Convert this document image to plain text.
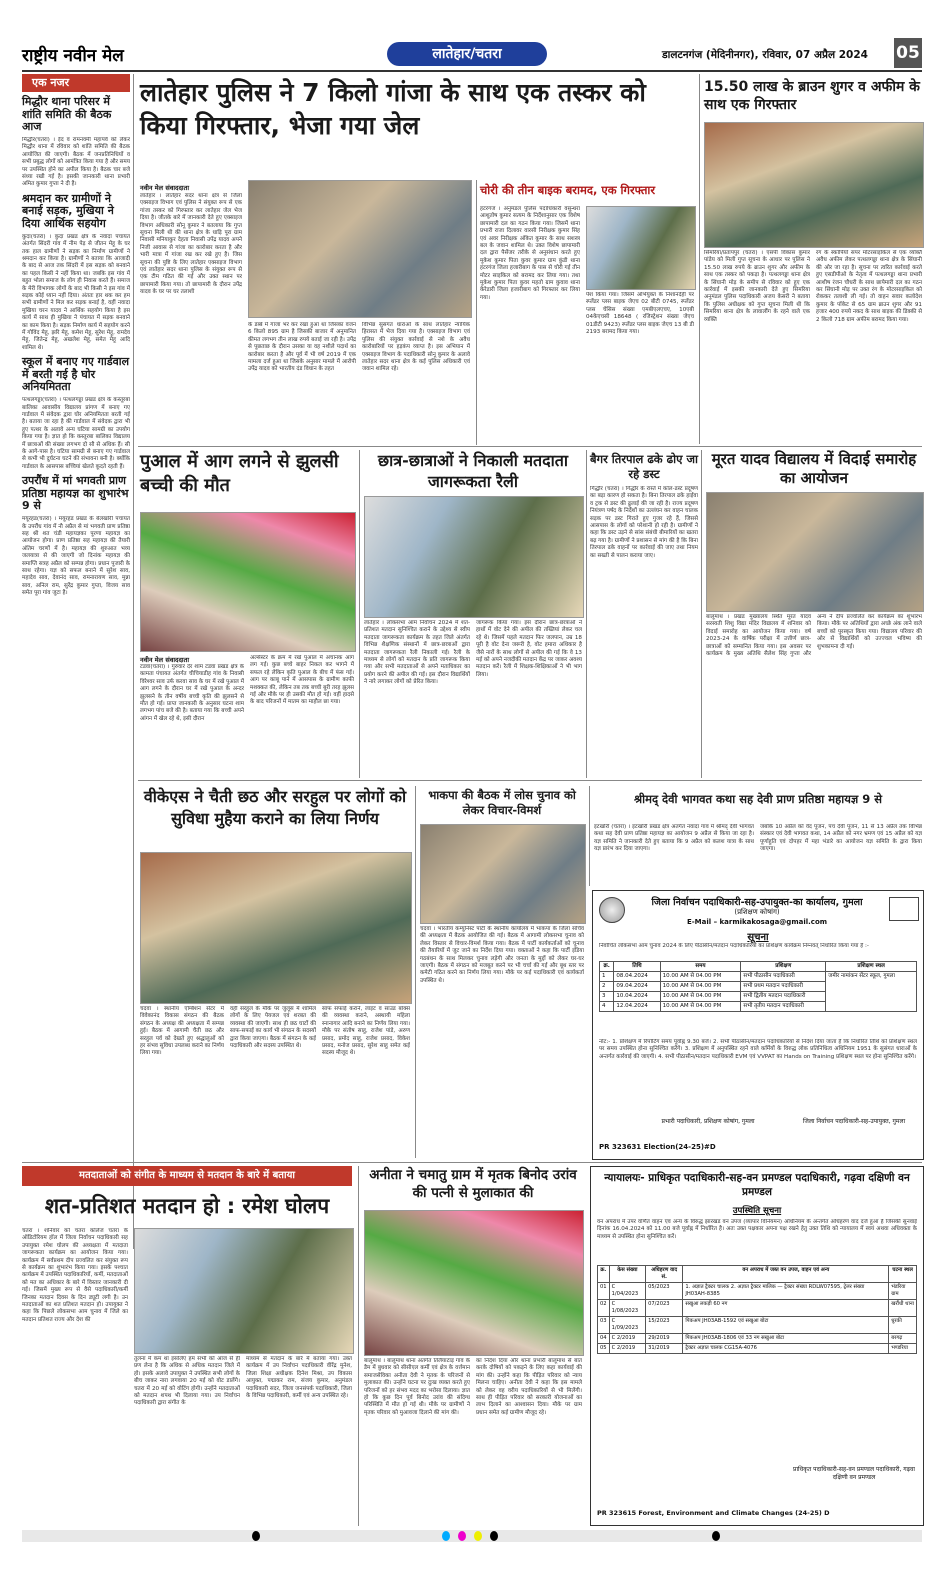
राष्ट्रीय नवीन मेल	लातेहार/चतरा	डालटनगंज (मेदिनीनगर), रविवार, 07 अप्रैल 2024 05
एक नजर
मिद्धौर थाना परिसर में शांति समिति की बैठक आज
मिद्धौर(चतरा) । ईद व रामनवमी महापर्व को लेकर मिद्धौर थाना में रविवार को शांति समिति की बैठक आयोजित की जाएगी। बैठक में जनप्रतिनिधियों व सभी प्रबुद्ध लोगों को आमंत्रित किया गया है और समय पर उपस्थित होने का अपील किया है। बैठक चार बजे संध्या रखी गई है। इसकी जानकारी थाना प्रभारी अमित कुमार गुप्ता ने दी है।
श्रमदान कर ग्रामीणों ने बनाई सड़क, मुखिया ने दिया आर्थिक सहयोग
कुंदा(चतरा) । कुंदा प्रखंड क्षेत्र के नवादा पंचायत अंतर्गत सिंदरी गांव में नीम पेड़ से जीतन मेहू के घर तक हाल ग्रामीणों ने सड़क का निर्माण ग्रामीणों ने श्रमदान कर किया है। ग्रामीणों ने बताया कि आजादी के बाद से आज तक सिंदरी में इस सड़क को बनवाने का पहल किसी ने नहीं किया था। जबकि इस गांव में बहुत भोला समाज के लोग ही निवास करते हैं। समाज के मेरी विभागक लोगों के बाद भी किसी ने इस गांव में सड़क कोई ध्यान नहीं दिया। अंततः हार थक कर हम सभी ग्रामीणों ने मिल कर सड़क बनाई है, वहीं नवादा मुखिया चरन यादव ने आर्थिक सहयोग किया है इस कार्य में साथ ही मुखिया ने पंचायत में सड़क बनवाने का काम किया है। सड़क निर्माण कार्य में सहयोग करने में गोविंद मेहू, झरि मेहू, कमेश मेहू, सुरेश मेहू, रामदेव मेहू, जितेन्द्र मेहू, अखलेश मेहू, समेत मेहू आदि शामिल थे।
स्कूल में बनाए गए गार्डवाल में बरती गई है घोर अनियमितता
पत्थलगड्डा(चतरा) । पत्थलगड्डा प्रखंड क्षेत्र के कस्तूरबा बालिका आवासीय विद्यालय प्रांगण में बनाए गए गार्डवाल में संवेदक द्वारा घोर अनियमितता बरती गई है। बताया जा रहा है की गार्डवाल में संवेदक द्वारा भी हुए पत्थर के अलावे अन्य घटिया सामग्री का उपयोग किया गया है। ज्ञात हो कि कस्तूरबा बालिका विद्यालय में छात्राओं की संख्या लगभग दो सौ से अधिक हैं। सी के आगे-पास है। घटिया सामग्री से बनाए गए गार्डवाल से कभी भी दुर्घटना घटने की संभावना बनी है। क्योंकि गार्डवाल के आसपास बच्चियां खेलते कूदते रहती हैं।
उपरौंध में मां भगवती प्राण प्रतिष्ठा महायज्ञ का शुभारंभ 9 से
मयूरहंड(चतरा) । मयूरहंड प्रखंड के बेलखोरी पंचायत के उपरौंध गांव में नौ अप्रैल से मां भगवती प्राण प्रतिष्ठा सह श्री शत चंडी महायज्ञका पूरणा महायज्ञ का आयोजन होगा। प्राण प्रतिष्ठा सह महायज्ञ की तैयारी अंतिम चरणों में है। महायज्ञ की शुरुआत भव्य जलयात्रा से की जाएगी जो दिनांक महायज्ञ की समाप्ति सत्रह अप्रैल को सम्पन्न होगा। प्रधान पुजारी के साथ रहेगा। यज्ञ को सफल बनाने में सुरेश साव, महादेव साव, देवानंद साव, रामनारायण साव, मुन्ना साव, अनिल राम, सुरेंद्र कुमार गुप्ता, विजय साव समेत पूरा गांव जुटा है।
लातेहार पुलिस ने 7 किलो गांजा के साथ एक तस्कर को किया गिरफ्तार, भेजा गया जेल
नवीन मेल संवाददाता
लातेहार । लातेहार सदर थाना क्षेत्र से जिला एक्साइज विभाग एवं पुलिस ने संयुक्त रूप से एक गांजा तस्कर को गिरफ्तार कर लातेहार जेल भेज दिया है। जीतके बारे में जानकारी देते हुए एक्साइज विभाग अधिकारी सोनू कुमार ने बतलाया कि गुप्त सूचना मिली थी की थाना क्षेत्र के धाड़ि पूरा ग्राम निवासी मनियाकुर देहता निवासी उपेंद्र यादव अपने निजी आवास से गांजा का कारोबार करता है और भारी मात्रा में गांजा रख कर रखे हुए है। जिस सूचना की पुष्टि के लिए लातेहार एक्साइज विभाग एवं लातेहार सदर थाना पुलिस के संयुक्त रूप से एक टीम गठित की गई और उक्त स्थान पर छापामारी किया गया। तो छापामारी के दौरान उपेंद्र यादव के घर पर घर तलाशी
के डब्बे में गांजा भर कर रखा हुआ था जिसका वजन 6 किलो 895 ग्राम है जिसकी बाजार में अनुमानित कीमत लगभग तीन लाख रुपये बताई जा रही है। उपेंद्र से पूछताछ के दौरान उसका या वह नशीले पदार्थ का कारोबार करता है और पूर्व में भी वर्ष 2019 में एक मामला दर्ज हुआ था जिसके अनुसार मामले में आरोपी उपेंद्र यादव को भारतीय दंड विधान के तहत
विभिन्न सुसंगत धाराओं के साथ लातेहार न्यायिक हिरासत में भेज दिया गया है। एक्साइज विभाग एवं पुलिस की संयुक्त कार्रवाई से नशे के अवैध कारोबारियों पर हड़कंप व्याप्त है। इस अभियान में एक्साइज विभाग के पदाधिकारी सोनू कुमार के अलावे लातेहार सदर थाना क्षेत्र के कई पुलिस अधिकारी एवं जवान शामिल रहे।
चोरी की तीन बाइक बरामद, एक गिरफ्तार
हंटरगंज । अनुमंडल पुलिस पदाधिकारी वसुन्धरा आशुतोष कुमार सत्यम के निर्देशानुसार एक विशेष छापामारी दल का गठन किया गया। जिसमें थाना प्रभारी राजा दिलावर वारसी निरीक्षक कुमार सिंह एवं अवर निरीक्षक अंकित कुमार के साथ सशस्त्र बल के जवान शामिल थे। उक्त विशेष छापामारी दल द्वारा पैसेंजर तरीके से अनुसंधान करते हुए मुकेश कुमार पिता कुवर कुमार ग्राम कुंडी थाना हंटरगंज जिला हजारीबाग के पास से चोरी गई तीन मोटर साइकिल को बरामद कर लिया गया। तथा मुकेश कुमार पिता कुवर महतो ग्राम कुवाव थाना केरेडारी जिला हजारीबाग को गिरफ्तार कर लिया गया।	पेश किया गया। जिसमें अभियुक्त के निशानदेही पर स्प्लेंडर प्लस बाइक जेएच 02 बीटी 0745, स्प्लेंडर प्लस चेसिस संख्या एमबीएलएचए, 10एबी 04केएचसी 18648 ( रजिस्ट्रेशन संख्या जेएच 01डीटी 9423) स्प्लेंडर प्लस बाइक जेएच 13 बी डी 2193 बरामद किया गया।
15.50 लाख के ब्राउन शुगर व अफीम के साथ एक गिरफ्तार
सिमरिया/प्रतापपुर (चतरा) । एसपी विकास कुमार पांडेय को मिली गुप्त सूचना के आधार पर पुलिस ने 15.50 लाख रुपये के ब्राउन शुगर और अफीम के साथ एक तस्कर को पकड़ा है। पत्थलगड्डा थाना क्षेत्र के सिंघानी मोड़ के समीप से रविवार को हुए एक कार्रवाई में इसकी जानकारी देते हुए सिमरिया अनुमंडल पुलिस पदाधिकारी अजय केसरी ने बताया कि पुलिस अधीक्षक को गुप्त सूचना मिली थी कि सिमरिया थाना क्षेत्र के लावालौंग के रहने वाले एक व्यक्ति
रंग के स्कॉर्पियो सपर मोटरसाइकिल से एक व्यक्ति अवैध अफीम लेकर पत्थलगड्डा थाना क्षेत्र के सिंघानी की ओर जा रहा है। सूचना पर त्वरित कार्रवाई करते हुए एसडीपीओ के नेतृत्व में पत्थलगड्डा थाना प्रभारी आशीष रंजन चौधरी के साथ छापेमारी दल का गठन कर सिंघानी मोड़ पर उक्त रंग के मोटरसाइकिल को रोककर तलाशी ली गई। तो वाहन सवार कलोदेश कुमार के पॉकेट से 65 ग्राम ब्राउन शुगर और 91 हजार 400 रुपये नकद के साथ बाइक की डिक्की से 2 किलो 718 ग्राम अफीम बरामद किया गया।
पुआल में आग लगने से झुलसी बच्ची की मौत
नवीन मेल संवाददाता
टंडवा(चतरा) । गुरुवार देर शाम टंडवा प्रखंड क्षेत्र के कामता पंचायत अंतर्गत चीचियाडीह गांव के निवासी विरेश्वर साव उर्फ करवा साव के घर में रखे पुआल में आग लगने के दौरान घर में रखे पुआल के अन्दर झुलसने के तीन वर्षीय बच्ची कृति की झुलसने से मौत हो गई। प्राप्त जानकारी के अनुसार घटना शाम लगभग पांच बजे की है। बताया गया कि बच्ची अपने आंगन में खेल रहे थे, इसी दौरान
अल्सेस्टर के क्रम में रखे पुआल में अचानक आग लग गई। कुछ बच्चे बाहर निकल कर भागने में सफल रहे लेकिन कृति पुआल के बीच में फंस गई। आग पर काबू पाने में आसपास के ग्रामीण काफी मशक्कत की, लेकिन तब तक बच्ची बुरी तरह झुलस गई और मौके पर ही उसकी मौत हो गई। वहीं हादसे के बाद परिजनों में मातम का माहौल छा गया।
छात्र-छात्राओं ने निकाली मतदाता जागरूकता रैली
लातेहार । लोकसभा आम निर्वाचन 2024 में शत-प्रतिशत मतदान सुनिश्चित कराने के उद्देश्य से स्वीप मतदाता जागरूकता कार्यक्रम के तहत जिले अंतर्गत विभिन्न शैक्षणिक संस्थानों में छात्र-छात्राओं द्वारा मतदाता जागरूकता रैली निकाली गई। रैली के माध्यम से लोगों को मतदान के प्रति जागरूक किया गया और सभी मतदाताओं से अपने मताधिकार का प्रयोग करने की अपील की गई। इस दौरान विद्यार्थियों ने नारे लगाकर लोगों को प्रेरित किया।
जागरूक किया गया। इस दौरान छात्र-छात्राओं ने हाथों में वोट देने की अपील की तख्तियां लेकर चल रहे थे। जिसमें पहले मतदान फिर जलपान, उम्र 18 पूरी है वोट देना जरूरी है, वोट हमारा अधिकार है जैसे नारों के साथ लोगों से अपील की गई कि वे 13 मई को अपने नजदीकी मतदान केंद्र पर जाकर अवश्य मतदान करें। रैली में शिक्षक-शिक्षिकाओं ने भी भाग लिया।
बैगर तिरपाल ढके ढोए जा रहे डस्ट
गिद्धौर (चतरा) । गिद्धौर के रास्ते में कोल-डस्ट प्रदूषण का बड़ा कारण हो सकता है। बिना तिरपाल ढके हाईवा व ट्रक से डस्ट की ढुलाई की जा रही है। राज्य प्रदूषण नियंत्रण पर्षद के निर्देशों का उल्लंघन कर वाहन चालक सड़क पर डस्ट गिराते हुए गुजर रहे हैं, जिससे आसपास के लोगों को परेशानी हो रही है। ग्रामीणों ने कहा कि डस्ट उड़ने से सांस संबंधी बीमारियों का खतरा बढ़ गया है। ग्रामीणों ने प्रशासन से मांग की है कि बिना तिरपाल ढके वाहनों पर कार्रवाई की जाए तथा नियम का सख्ती से पालन कराया जाए।
मूरत यादव विद्यालय में विदाई समारोह का आयोजन
बालूमाथ । प्रखंड मुख्यालय स्थित मूरत यादव सरस्वती शिशु विद्या मंदिर विद्यालय में शनिवार को विदाई समारोह का आयोजन किया गया। वर्ष 2023-24 के वार्षिक परीक्षा में उत्तीर्ण छात्र-छात्राओं को सम्मानित किया गया। इस अवसर पर कार्यक्रम के मुख्य अतिथि सैलेश सिंह गुप्ता और अन्य ने दीप प्रज्वलित कर कार्यक्रम का शुभारंभ किया। मौके पर अतिथियों द्वारा अच्छे अंक लाने वाले बच्चों को पुरस्कृत किया गया। विद्यालय परिवार की ओर से विद्यार्थियों को उज्ज्वल भविष्य की शुभकामना दी गई।
वीकेएस ने चैती छठ और सरहुल पर लोगों को सुविधा मुहैया कराने का लिया निर्णय
चंदवा । स्थानीय एम्बिशन सेंटर में विवेकानंद विकास संगठन की बैठक संगठन के अध्यक्ष की अध्यक्षता में सम्पन्न हुई। बैठक में आगामी चैती छठ और सरहुल पर्व को देखते हुए श्रद्धालुओं को हर संभव सुविधा उपलब्ध कराने का निर्णय लिया गया।
वहीं सरहुल के मौके पर जुलूस में शामिल लोगों के लिए पेयजल एवं शरबत की व्यवस्था की जाएगी। साथ ही छठ घाटों की साफ-सफाई का कार्य भी संगठन के सदस्यों द्वारा किया जाएगा। बैठक में संगठन के कई पदाधिकारी और सदस्य उपस्थित थे।
साफ सफाई कराने, लाइट व साउंड बॉक्स की व्यवस्था कराने, अस्थायी महिला स्नानागार आदि बनाने का निर्णय लिया गया। मौके पर संतोष साहु, राजेश पांडे, अरुण प्रसाद, प्रमोद साहु, राजेश प्रसाद, विकेश प्रसाद, मनोज प्रसाद, सुरेश साहु समेत कई सदस्य मौजूद थे।
भाकपा की बैठक में लोस चुनाव को लेकर विचार-विमर्श
चंदवा । भारतीय कम्युनिस्ट पार्टी के स्थानीय कार्यालय में भाकपा के जिला सचिव की अध्यक्षता में बैठक आयोजित की गई। बैठक में आगामी लोकसभा चुनाव को लेकर विस्तार से विचार-विमर्श किया गया। बैठक में पार्टी कार्यकर्ताओं को चुनाव की तैयारियों में जुट जाने का निर्देश दिया गया। वक्ताओं ने कहा कि पार्टी इंडिया गठबंधन के साथ मिलकर चुनाव लड़ेगी और जनता के मुद्दों को लेकर घर-घर जाएगी। बैठक में संगठन को मजबूत करने पर भी चर्चा की गई और बूथ स्तर पर कमेटी गठित करने का निर्णय लिया गया। मौके पर कई पदाधिकारी एवं कार्यकर्ता उपस्थित थे।
श्रीमद् देवी भागवत कथा सह देवी प्राण प्रतिष्ठा महायज्ञ 9 से
इटखोरी (चतरा) । इटखोरी प्रखंड क्षेत्र अंतर्गत नवादा गांव में श्रीमद् देवी भागवत कथा सह देवी प्राण प्रतिष्ठा महायज्ञ का आयोजन 9 अप्रैल से किया जा रहा है। यज्ञ समिति ने जानकारी देते हुए बताया कि 9 अप्रैल को कलश यात्रा के साथ यज्ञ प्रारंभ कर दिया जाएगा।
जबकि 10 अप्रैल को वेद पूजन, पंच देवी पूजन, 11 से 13 अप्रैल तक विभिन्न संस्कार एवं देवी भागवत कथा, 14 अप्रैल को नगर भ्रमण एवं 15 अप्रैल को यज्ञ पूर्णाहुति एवं दोपहर में महा भंडारे का आयोजन यज्ञ समिति के द्वारा किया जाएगा।
जिला निर्वाचन पदाधिकारी-सह-उपायुक्त-का कार्यालय, गुमला
(प्रशिक्षण कोषांग)
E-Mail – karmikakosaga@gmail.com
सूचना
निर्वाचित लोकसभा आम चुनाव 2024 के लिए पीठासीन/मतदान पदाधिकारियों का प्रशिक्षण कार्यक्रम निम्नवत् निर्धारित किया गया है :-
क्र.	तिथि	समय	प्रशिक्षण	प्रशिक्षण स्थल
1	08.04.2024	10.00 AM से 04.00 PM	सभी पीठासीन पदाधिकारी	जमीर नामांकन सेंटर स्कूल, गुमला
2	09.04.2024	10.00 AM से 04.00 PM	सभी प्रथम मतदान पदाधिकारी	
3	10.04.2024	10.00 AM से 04.00 PM	सभी द्वितीय मतदान पदाधिकारी	
4	12.04.2024	10.00 AM से 04.00 PM	सभी तृतीय मतदान पदाधिकारी	
नोट:- 1. प्रशिक्षण में रिपोर्टिंग समय पूर्वाह्न 9.30 बजे। 2. सभी पीठासीन/मतदान पदाधिकारियों से निदेश दिया जाता है कि निर्धारित तिथि को प्रशिक्षण स्थल पर समय उपस्थित होना सुनिश्चित करेंगे। 3. प्रशिक्षण में अनुपस्थित रहने वाले कर्मियों के विरुद्ध लोक प्रतिनिधित्व अधिनियम 1951 के सुसंगत धाराओं के अन्तर्गत कार्रवाई की जाएगी। 4. सभी पीठासीन/मतदान पदाधिकारी EVM एवं VVPAT का Hands on Training प्रशिक्षण स्थल पर होना सुनिश्चित करेंगे।
प्रभारी पदाधिकारी, प्रशिक्षण कोषांग, गुमला	जिला निर्वाचन पदाधिकारी-सह-उपायुक्त, गुमला
PR 323631 Election(24-25)#D
मतदाताओं को संगीत के माध्यम से मतदान के बारे में बताया
शत-प्रतिशत मतदान हो : रमेश घोलप
चतरा । शनिवार को चतरा कॉलेज चतरा के ऑडिटोरियम हॉल में जिला निर्वाचन पदाधिकारी सह उपायुक्त रमेश घोलप की अध्यक्षता में मतदाता जागरूकता कार्यक्रम का आयोजन किया गया। कार्यक्रम में सर्वप्रथम दीप प्रज्वलित कर संयुक्त रूप से कार्यक्रम का शुभारंभ किया गया। इसके पश्चात कार्यक्रम में उपस्थित पदाधिकारियों, कर्मी, मतदाताओं को मत का अधिकार के बारे में विस्तार जानकारी दी गई। जिसमें मुख्य रूप से वैसे पदाधिकारी/कर्मी जिनका मतदान दिवस के दिन ड्यूटी लगी है। उन मतदाताओं का शत प्रतिशत मतदान हो। उपायुक्त ने कहा कि पिछले लोकसभा आम चुनाव में जिले का मतदान प्रतिशत राज्य और देश की
तुलना में कम था इसलिए हम सभी को आज से ही प्रण लेना है कि अधिक से अधिक मतदान जिले में हो। इसके अलावे उपायुक्त ने उपस्थित सभी लोगों के बीच जाकर नारा लगवाया 20 मई को वोट डालेंगे। चतरा में 20 मई को वोटिंग होगी। उन्होंने मतदाताओं को मतदान शपथ भी दिलाया गया। उप निर्वाचन पदाधिकारी द्वारा संगीत के
माध्यम से मतदान के बारे में बताया गया। उक्त कार्यक्रम में उप निर्वाचन पदाधिकारी वीरेंद्र मुनेश, जिला शिक्षा अधीक्षक दिनेश मिश्रा, उप विकास आयुक्त, पद्माकर राम, संजय कुमार, अनुमंडल पदाधिकारी सदर, जिला जनसंपर्क पदाधिकारी, जिला के विभिन्न पदाधिकारी, कर्मी एवं अन्य उपस्थित रहे।
अनीता ने चमातु ग्राम में मृतक बिनोद उरांव की पत्नी से मुलाकात की
बालूमाथ । बालूमाथ थाना अंतर्गत तिलैयाटाड़ गांव के डैम में बुधवार को सीसीएल कर्मी एवं क्षेत्र के वर्त्तमान समाजसेविका अनीता देवी ने मृतक के परिजनों से मुलाकात की। उन्होंने घटना पर दुःख व्यक्त करते हुए परिजनों को हर संभव मदद का भरोसा दिलाया। ज्ञात हो कि कुछ दिन पूर्व बिनोद उरांव की संदिग्ध परिस्थिति में मौत हो गई थी। मौके पर ग्रामीणों ने मृतक परिवार को मुआवजा दिलाने की मांग की।
का निर्देश दिया और थाना प्रभारी बालूमाथ से बात करके दोषियों को पकड़ने के लिए कहा कार्यवाई की मांग की। उन्होंने कहा कि पीड़ित परिवार को न्याय मिलना चाहिए। अनीता देवी ने कहा कि इस मामले को लेकर वह वरीय पदाधिकारियों से भी मिलेंगी। साथ ही पीड़ित परिवार को सरकारी योजनाओं का लाभ दिलाने का आश्वासन दिया। मौके पर ग्राम प्रधान समेत कई ग्रामीण मौजूद रहे।
न्यायालयः- प्राधिकृत पदाधिकारी-सह-वन प्रमण्डल पदाधिकारी, गढ़वा दक्षिणी वन प्रमण्डल
उपस्थिति सूचना
वन अपराध में उपर वर्णित वाहन एवं अन्य के विरुद्ध झारखंड वन उपज (व्यापार विनियमन) अधिनियम के अन्तर्गत अधिहरण वाद दर्ज हुआ है जिसकी सुनवाई दिनांक 16.04.2024 को 11.00 बजे पूर्वाह्न में निर्धारित है। अतः उक्त पक्षकार अपना पक्ष रखने हेतु उक्त तिथि को न्यायालय में स्वयं अथवा अधिवक्ता के माध्यम से उपस्थित होना सुनिश्चित करें।
क्र.	केस संख्या	अधिहरण वाद सं.	वन अपराध में जब्त वन उपज, वाहन एवं अन्य	घटना स्थल
01	C 1/04/2023	05/2023	1. अज्ञात ट्रैक्टर चालक 2. अज्ञात ट्रैक्टर मालिक — ट्रैक्टर संख्या RDLW07595, ट्रेलर संख्या JH03AH-8385	भंडरिया ग्राम
02	C 1/08/2023	07/2023	सखुआ लकड़ी 60 नग	खरौंधी थाना
03	C 1/09/2023	15/2023	पिकअप JH03AB-1592 एवं सखुआ बोटा	धुरकी
04	C 2/2019	29/2019	पिकअप JH03AB-1806 एवं 33 नग सखुआ बोटा	बरगढ़
05	C 2/2019	31/2019	ट्रैक्टर अज्ञात चालक CG15A-4076	भण्डरिया
प्राधिकृत पदाधिकारी-सह-वन प्रमण्डल पदाधिकारी, गढ़वा दक्षिणी वन प्रमण्डल
PR 323615 Forest, Environment and Climate Changes (24-25) D
